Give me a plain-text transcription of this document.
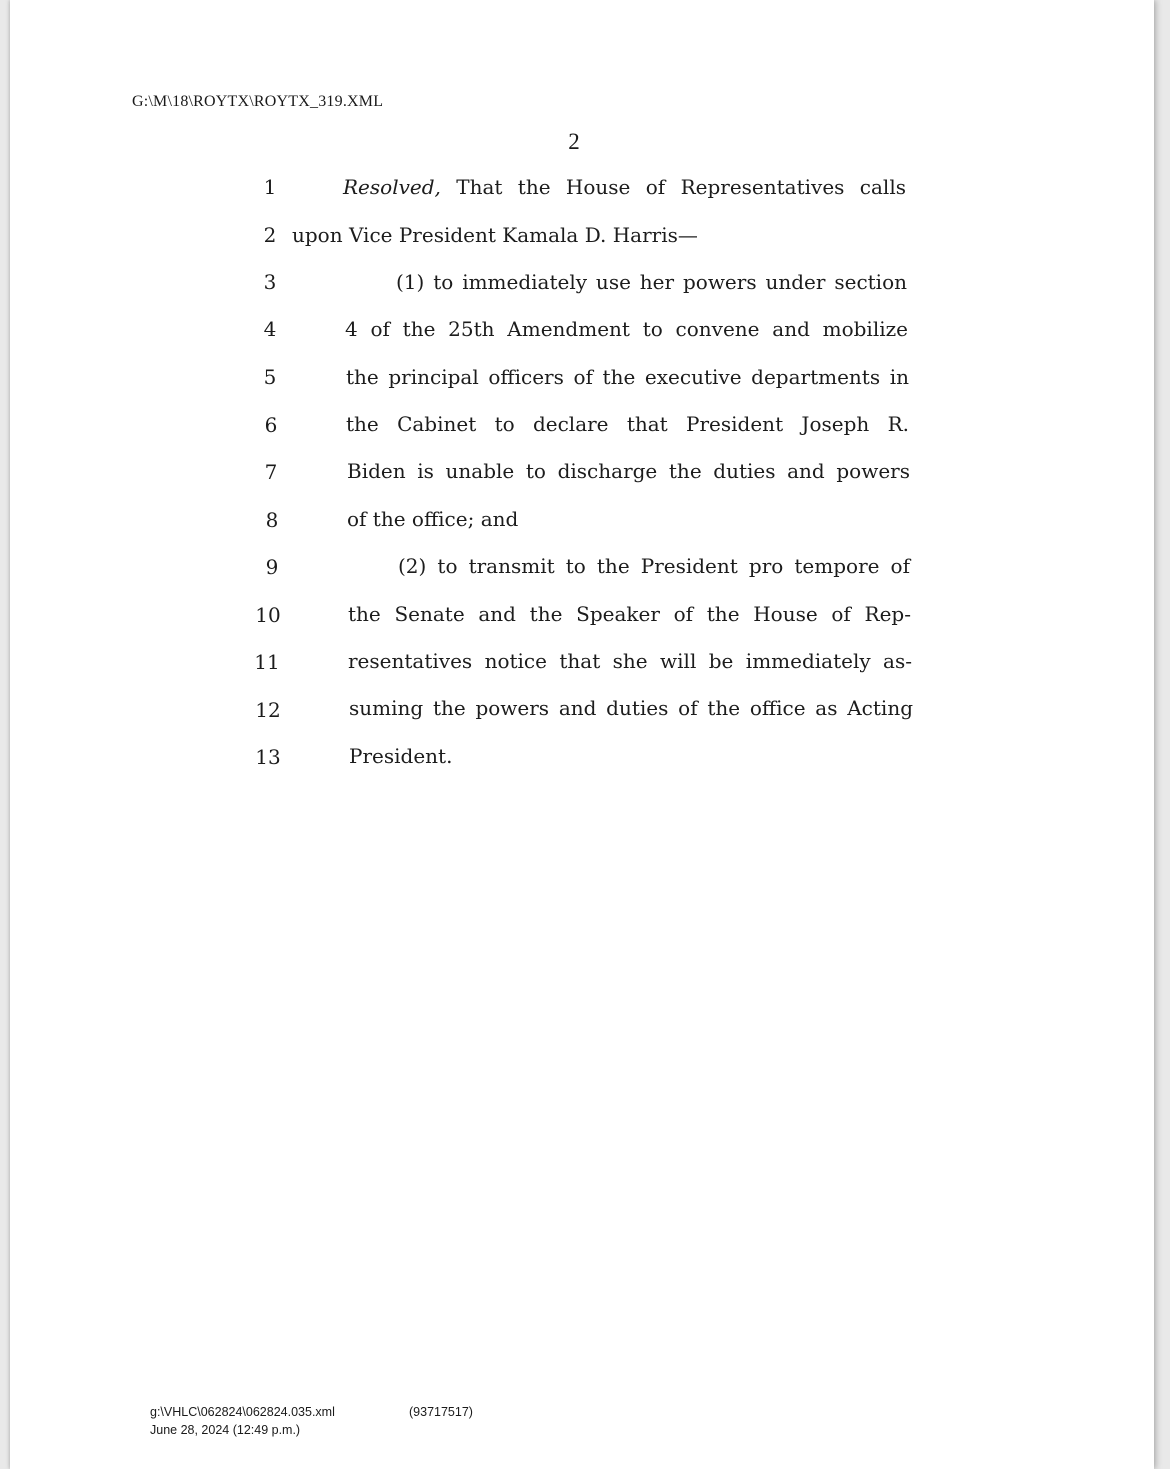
G:\M\18\ROYTX\ROYTX_319.XML
2
1	Resolved, That the House of Representatives calls
2 upon Vice President Kamala D. Harris—
3	(1) to immediately use her powers under section
4	4 of the 25th Amendment to convene and mobilize
5	the principal officers of the executive departments in
6	the Cabinet to declare that President Joseph R.
7	Biden is unable to discharge the duties and powers
8	of the office; and
9	(2) to transmit to the President pro tempore of
10	the Senate and the Speaker of the House of Rep-
11	resentatives notice that she will be immediately as-
12	suming the powers and duties of the office as Acting
13	President.
g:\VHLC\062824\062824.035.xml	(93717517)
June 28, 2024 (12:49 p.m.)
